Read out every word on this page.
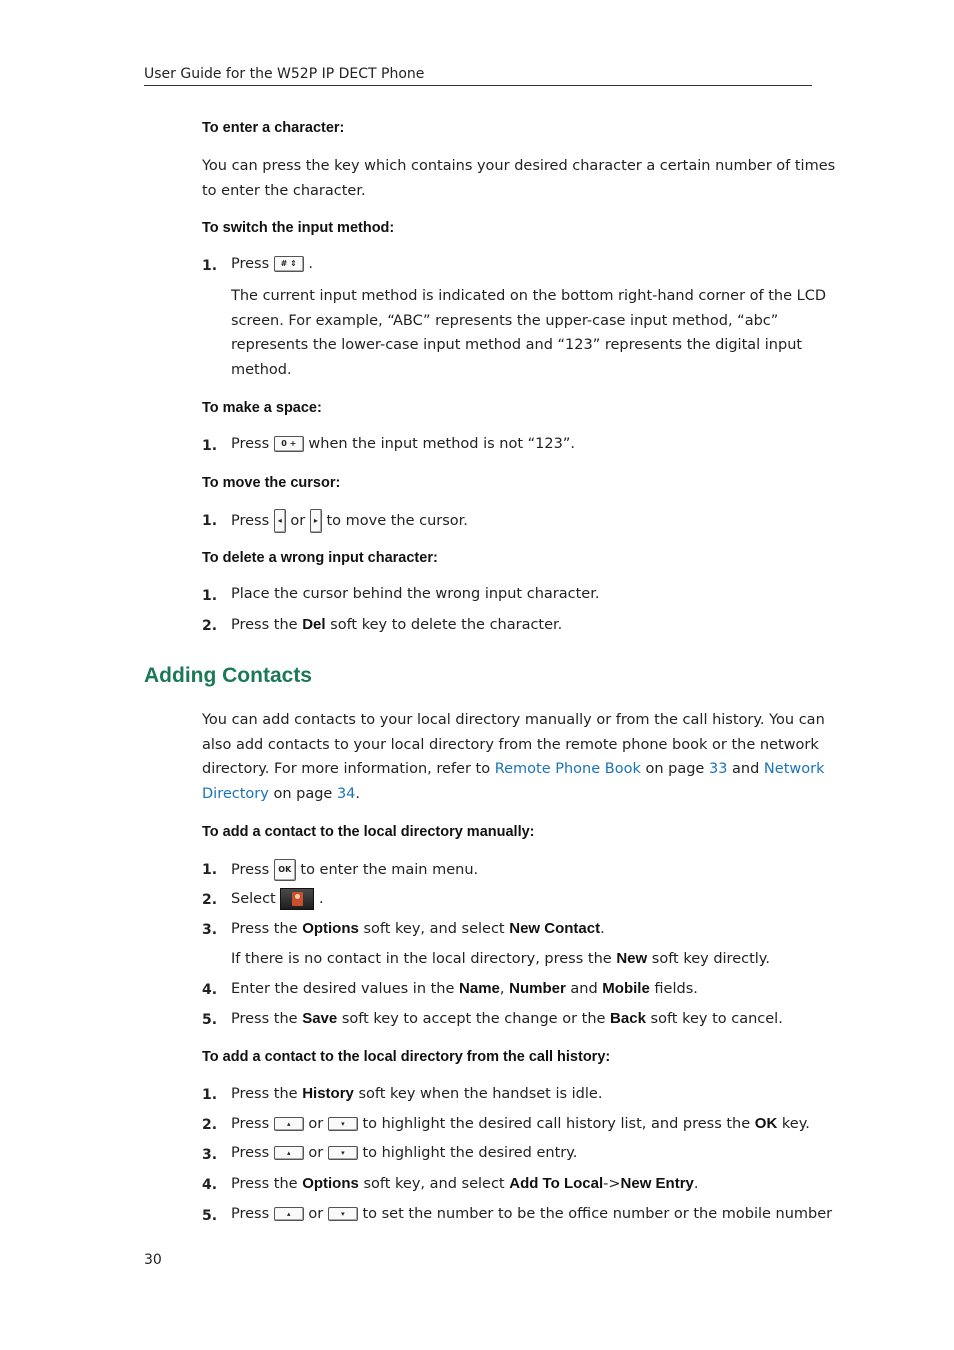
User Guide for the W52P IP DECT Phone
To enter a character:
You can press the key which contains your desired character a certain number of times
to enter the character.
To switch the input method:
1. Press # ⇕ .
The current input method is indicated on the bottom right-hand corner of the LCD
screen. For example, “ABC” represents the upper-case input method, “abc”
represents the lower-case input method and “123” represents the digital input
method.
To make a space:
1. Press 0 + when the input method is not “123”.
To move the cursor:
1. Press ◂ or ▸ to move the cursor.
To delete a wrong input character:
1. Place the cursor behind the wrong input character.
2. Press the Del soft key to delete the character.
Adding Contacts
You can add contacts to your local directory manually or from the call history. You can
also add contacts to your local directory from the remote phone book or the network
directory. For more information, refer to Remote Phone Book on page 33 and Network
Directory on page 34.
To add a contact to the local directory manually:
1. Press OK to enter the main menu.
2. Select	.
3. Press the Options soft key, and select New Contact.
If there is no contact in the local directory, press the New soft key directly.
4. Enter the desired values in the Name, Number and Mobile fields.
5. Press the Save soft key to accept the change or the Back soft key to cancel.
To add a contact to the local directory from the call history:
1. Press the History soft key when the handset is idle.
2. Press	▴ or	▾ to highlight the desired call history list, and press the OK key.
3. Press	▴ or	▾ to highlight the desired entry.
4. Press the Options soft key, and select Add To Local->New Entry.
5. Press	▴ or	▾ to set the number to be the office number or the mobile number
30
